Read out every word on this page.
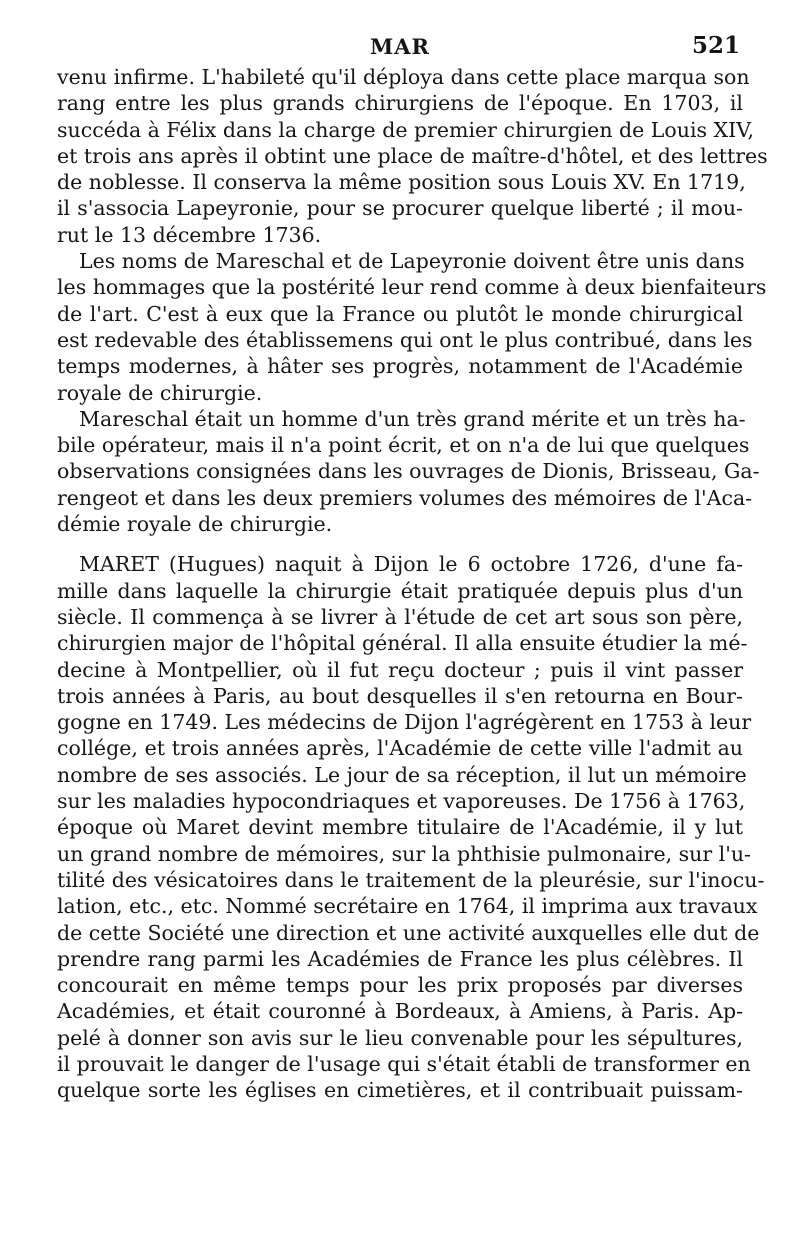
MAR	521

venu infirme. L'habileté qu'il déploya dans cette place marqua son
rang entre les plus grands chirurgiens de l'époque. En 1703, il
succéda à Félix dans la charge de premier chirurgien de Louis XIV,
et trois ans après il obtint une place de maître-d'hôtel, et des lettres
de noblesse. Il conserva la même position sous Louis XV. En 1719,
il s'associa Lapeyronie, pour se procurer quelque liberté ; il mou-
rut le 13 décembre 1736.

Les noms de Mareschal et de Lapeyronie doivent être unis dans
les hommages que la postérité leur rend comme à deux bienfaiteurs
de l'art. C'est à eux que la France ou plutôt le monde chirurgical
est redevable des établissemens qui ont le plus contribué, dans les
temps modernes, à hâter ses progrès, notamment de l'Académie
royale de chirurgie.

Mareschal était un homme d'un très grand mérite et un très ha-
bile opérateur, mais il n'a point écrit, et on n'a de lui que quelques
observations consignées dans les ouvrages de Dionis, Brisseau, Ga-
rengeot et dans les deux premiers volumes des mémoires de l'Aca-
démie royale de chirurgie.

MARET (Hugues) naquit à Dijon le 6 octobre 1726, d'une fa-
mille dans laquelle la chirurgie était pratiquée depuis plus d'un
siècle. Il commença à se livrer à l'étude de cet art sous son père,
chirurgien major de l'hôpital général. Il alla ensuite étudier la mé-
decine à Montpellier, où il fut reçu docteur ; puis il vint passer
trois années à Paris, au bout desquelles il s'en retourna en Bour-
gogne en 1749. Les médecins de Dijon l'agrégèrent en 1753 à leur
collége, et trois années après, l'Académie de cette ville l'admit au
nombre de ses associés. Le jour de sa réception, il lut un mémoire
sur les maladies hypocondriaques et vaporeuses. De 1756 à 1763,
époque où Maret devint membre titulaire de l'Académie, il y lut
un grand nombre de mémoires, sur la phthisie pulmonaire, sur l'u-
tilité des vésicatoires dans le traitement de la pleurésie, sur l'inocu-
lation, etc., etc. Nommé secrétaire en 1764, il imprima aux travaux
de cette Société une direction et une activité auxquelles elle dut de
prendre rang parmi les Académies de France les plus célèbres. Il
concourait en même temps pour les prix proposés par diverses
Académies, et était couronné à Bordeaux, à Amiens, à Paris. Ap-
pelé à donner son avis sur le lieu convenable pour les sépultures,
il prouvait le danger de l'usage qui s'était établi de transformer en
quelque sorte les églises en cimetières, et il contribuait puissam-
